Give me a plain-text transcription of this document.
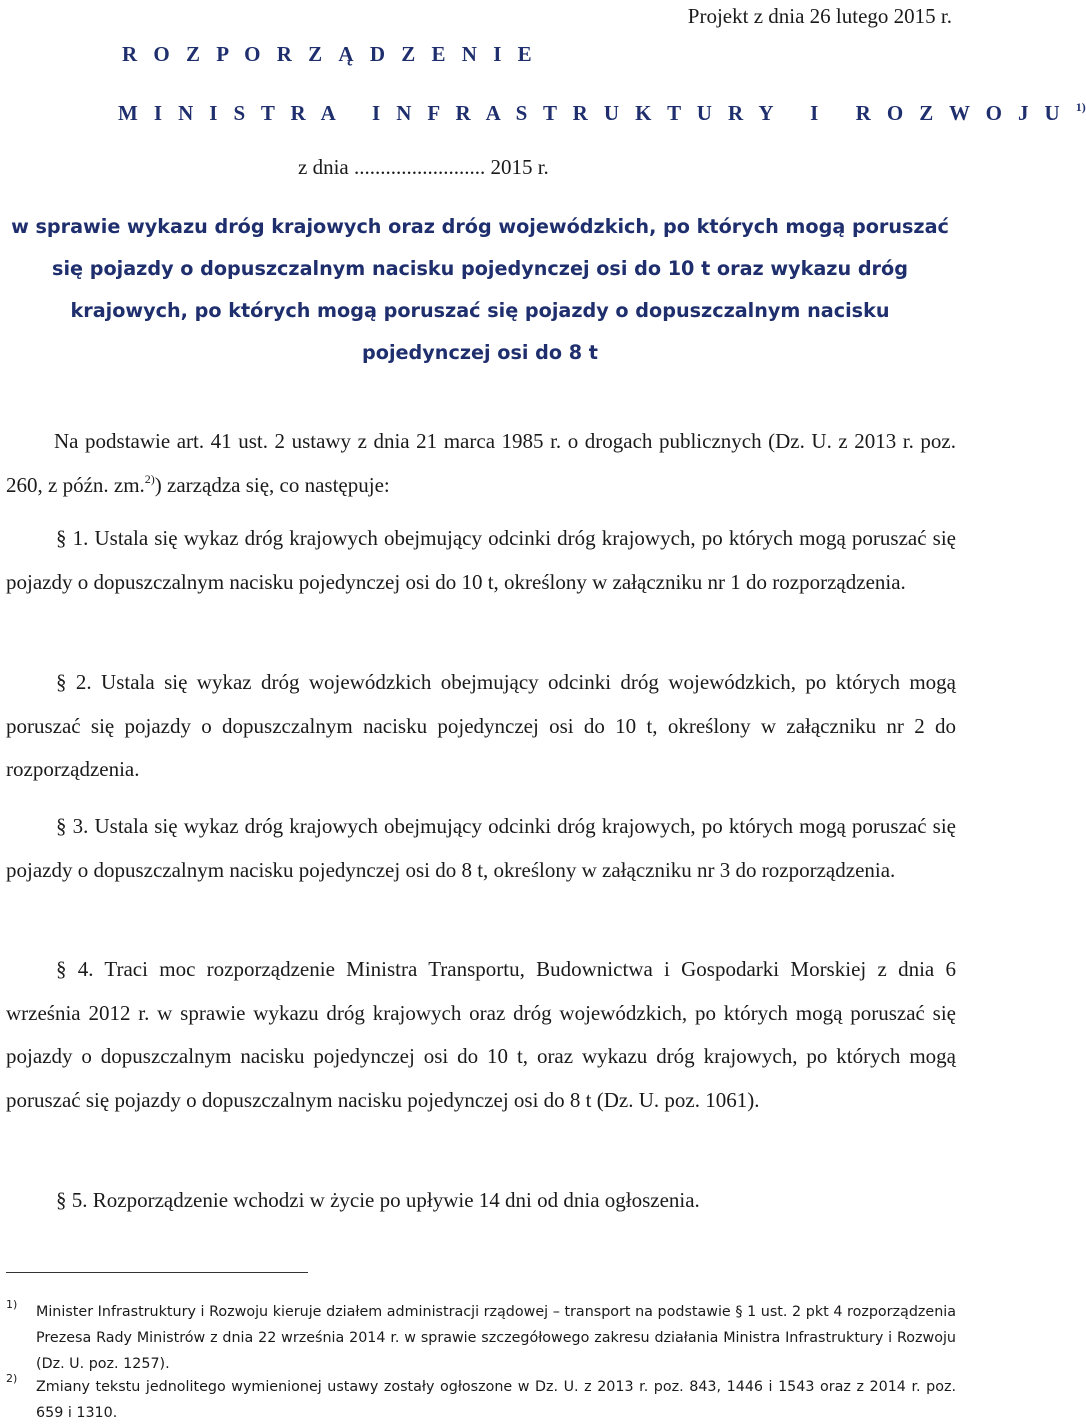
Projekt z dnia 26 lutego 2015 r.

R O Z P O R Z Ą D Z E N I E

M I N I S T R A   I N F R A S T R U K T U R Y   I   R O Z W O J U $^{1)}$

z dnia ......................... 2015 r.

w sprawie wykazu dróg krajowych oraz dróg wojewódzkich, po których mogą poruszać się pojazdy o dopuszczalnym nacisku pojedynczej osi do 10 t oraz wykazu dróg krajowych, po których mogą poruszać się pojazdy o dopuszczalnym nacisku pojedynczej osi do 8 t

Na podstawie art. 41 ust. 2 ustawy z dnia 21 marca 1985 r. o drogach publicznych (Dz. U. z 2013 r. poz. 260, z późn. zm.$^{2)}$) zarządza się, co następuje:

§ 1. Ustala się wykaz dróg krajowych obejmujący odcinki dróg krajowych, po których mogą poruszać się pojazdy o dopuszczalnym nacisku pojedynczej osi do 10 t, określony w załączniku nr 1 do rozporządzenia.

§ 2. Ustala się wykaz dróg wojewódzkich obejmujący odcinki dróg wojewódzkich, po których mogą poruszać się pojazdy o dopuszczalnym nacisku pojedynczej osi do 10 t, określony w załączniku nr 2 do rozporządzenia.

§ 3. Ustala się wykaz dróg krajowych obejmujący odcinki dróg krajowych, po których mogą poruszać się pojazdy o dopuszczalnym nacisku pojedynczej osi do 8 t, określony w załączniku nr 3 do rozporządzenia.

§ 4. Traci moc rozporządzenie Ministra Transportu, Budownictwa i Gospodarki Morskiej z dnia 6 września 2012 r. w sprawie wykazu dróg krajowych oraz dróg wojewódzkich, po których mogą poruszać się pojazdy o dopuszczalnym nacisku pojedynczej osi do 10 t, oraz wykazu dróg krajowych, po których mogą poruszać się pojazdy o dopuszczalnym nacisku pojedynczej osi do 8 t (Dz. U. poz. 1061).

§ 5. Rozporządzenie wchodzi w życie po upływie 14 dni od dnia ogłoszenia.

1) Minister Infrastruktury i Rozwoju kieruje działem administracji rządowej – transport na podstawie § 1 ust. 2 pkt 4 rozporządzenia Prezesa Rady Ministrów z dnia 22 września 2014 r. w sprawie szczegółowego zakresu działania Ministra Infrastruktury i Rozwoju (Dz. U. poz. 1257).

2)

Zmiany tekstu jednolitego wymienionej ustawy zostały ogłoszone w Dz. U. z 2013 r. poz. 843, 1446 i 1543 oraz z 2014 r. poz. 659 i 1310.
